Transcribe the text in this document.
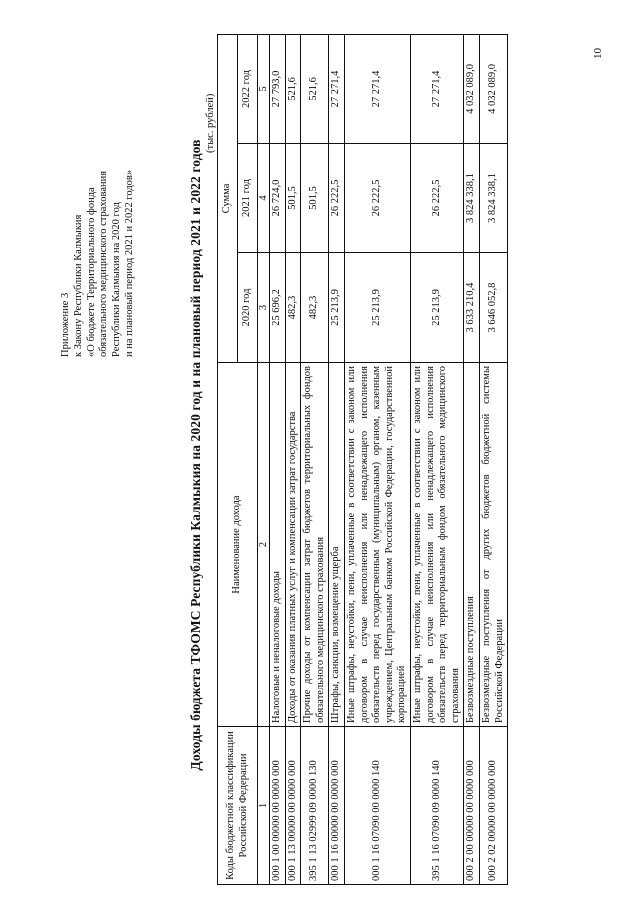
Приложение 3 к Закону Республики Калмыкия «О бюджете Территориального фонда обязательного медицинского страхования Республики Калмыкия на 2020 год и на плановый период 2021 и 2022 годов»	Доходы бюджета ТФОМС Республики Калмыкия на 2020 год и на плановый период 2021 и 2022 годов
(тыс. рублей)
Коды бюджетной классификации Российской Федерации	Наименование дохода	Сумма		
		2020 год	2021 год	2022 год
1	2	3	4	5
000 1 00 00000 00 0000 000	Налоговые и неналоговые доходы	25 696,2	26 724,0	27 793,0
000 1 13 00000 00 0000 000	Доходы от оказания платных услуг и компенсации затрат государства	482,3	501,5	521,6
395 1 13 02999 09 0000 130	Прочие доходы от компенсации затрат бюджетов территориальных фондов обязательного медицинского страхования	482,3	501,5	521,6
000 1 16 00000 00 0000 000	Штрафы, санкции, возмещение ущерба	25 213,9	26 222,5	27 271,4
000 1 16 07090 00 0000 140	Иные штрафы, неустойки, пени, уплаченные в соответствии с законом или договором в случае неисполнения или ненадлежащего исполнения обязательств перед государственным (муниципальным) органом, казенным учреждением, Центральным банком Российской Федерации, государственной корпорацией	25 213,9	26 222,5	27 271,4
395 1 16 07090 09 0000 140	Иные штрафы, неустойки, пени, уплаченные в соответствии с законом или договором в случае неисполнения или ненадлежащего исполнения обязательств перед территориальным фондом обязательного медицинского страхования	25 213,9	26 222,5	27 271,4
000 2 00 00000 00 0000 000	Безвозмездные поступления	3 633 210,4	3 824 338,1	4 032 089,0
000 2 02 00000 00 0000 000	Безвозмездные поступления от других бюджетов бюджетной системы Российской Федерации	3 646 052,8	3 824 338,1	4 032 089,0
10
